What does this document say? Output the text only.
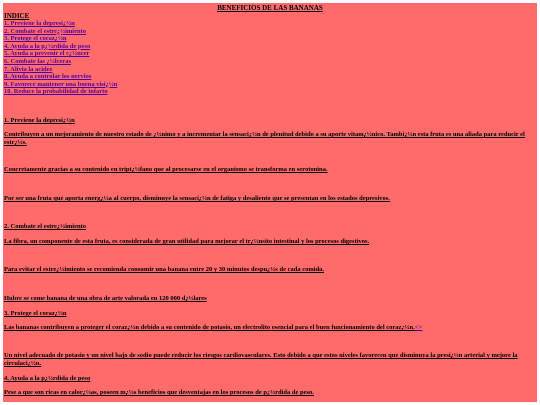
BENEFICIOS DE LAS BANANAS
INDICE
1. Previene la depresi¿½n
2. Combate el estre¿½imiento
3. Protege el coraz¿½n
4. Ayuda a la p¿½rdida de peso
5. Ayuda a prevenir el c¿½ncer
6. Combate las ¿½lceras
7. Alivia la acidez
8. Ayuda a controlar los nervios
9. Favorece mantener una buena visi¿½n
10. Reduce la probabilidad de infarto
1. Previene la depresi¿½n
Contribuyen a un mejoramiento de nuestro estado de ¿½nimo y a incrementar la sensaci¿½n de plenitud debido a su aporte vitam¿½nico. Tambi¿½n esta fruta es una aliada para reducir el estr¿½s.
Concretamente gracias a su contenido en tript¿½fano que al procesarse en el organismo se transforma en serotonina.
Por ser una fruta que aporta energ¿½a al cuerpo, disminuye la sensaci¿½n de fatiga y desaliento que se presentan en los estados depresivos.
2. Combate el estre¿½imiento
La fibra, un componente de esta fruta, es considerada de gran utilidad para mejorar el tr¿½nsito intestinal y los procesos digestivos.
Para evitar el estre¿½imiento se recomienda consumir una banana entre 20 y 30 minutos despu¿½s de cada comida.
Hubre se come banana de una obra de arte valorada en 120 000 d¿½lares
3. Protege el coraz¿½n
Las bananas contribuyen a proteger el coraz¿½n debido a su contenido de potasio, un electrolito esencial para el buen funcionamiento del coraz¿½n.<>
Un nivel adecuado de potasio y un nivel bajo de sodio puede reducir los riesgos cardiovasculares. Esto debido a que estos niveles favorecen que disminuya la presi¿½n arterial y mejore la circulaci¿½n.
4. Ayuda a la p¿½rdida de peso
Pese a que son ricas en calor¿½as, poseen m¿½s beneficios que desventajas en los procesos de p¿½rdida de peso.
